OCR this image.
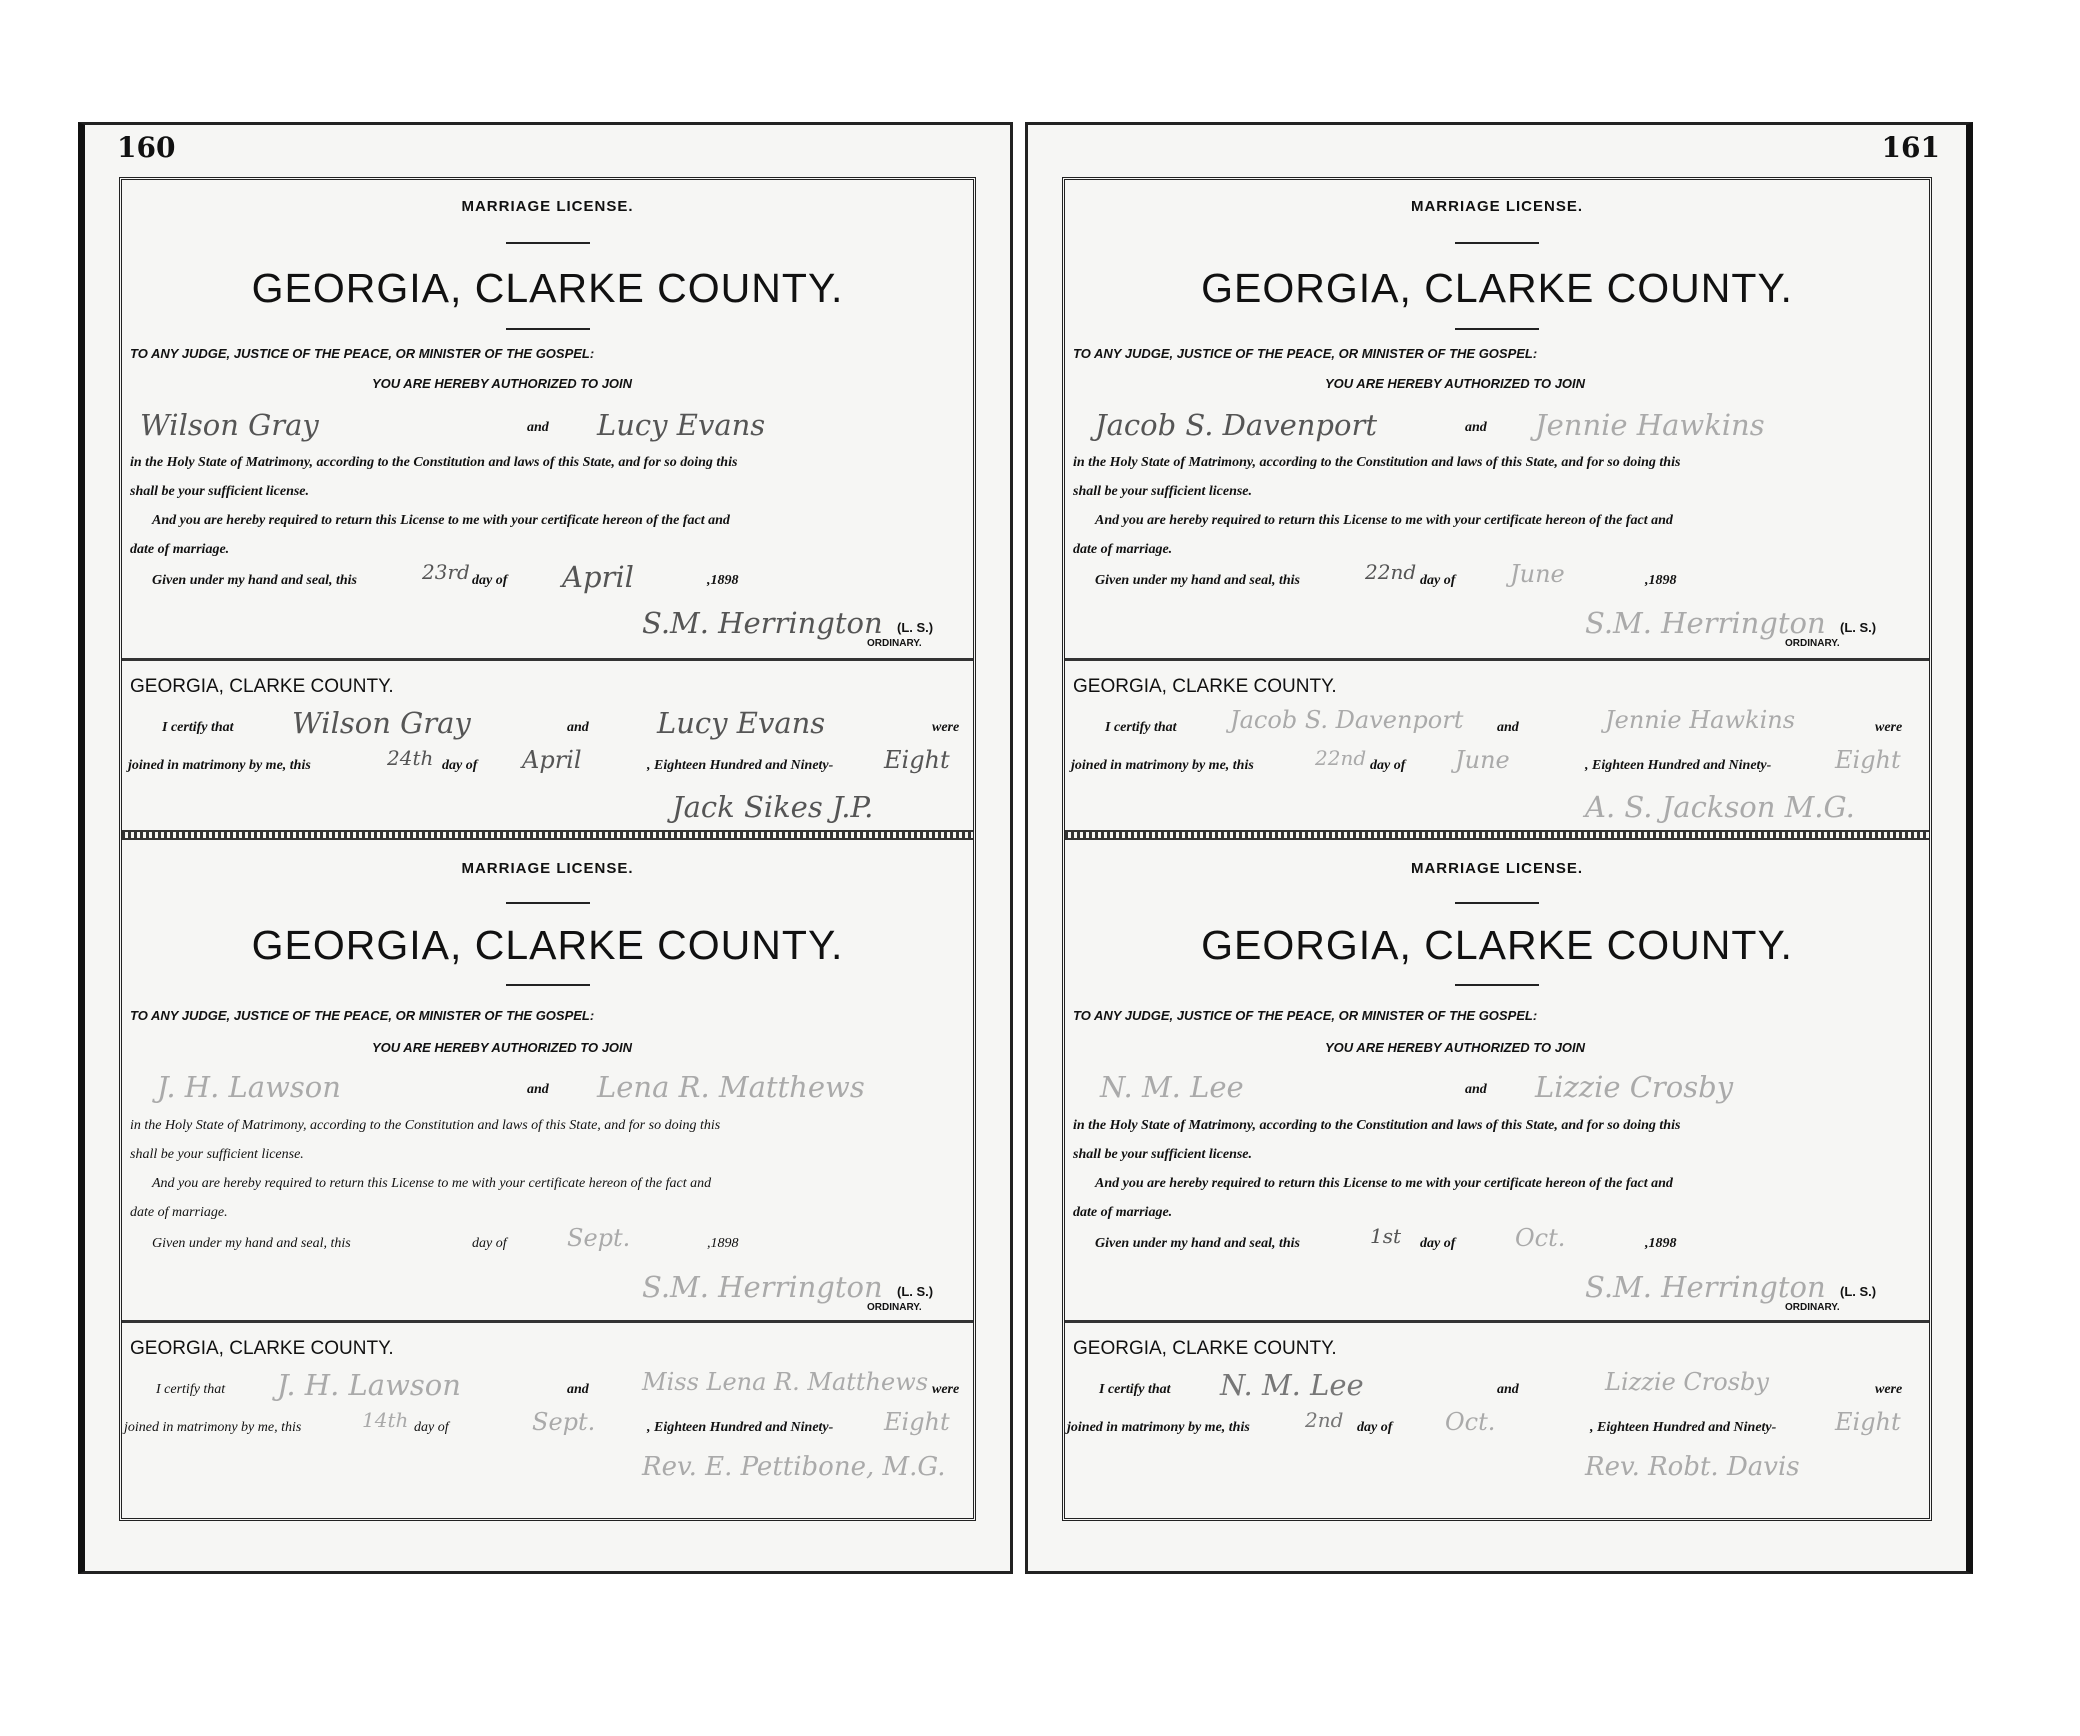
160
MARRIAGE LICENSE.
GEORGIA, CLARKE COUNTY.
TO ANY JUDGE, JUSTICE OF THE PEACE, OR MINISTER OF THE GOSPEL:
YOU ARE HEREBY AUTHORIZED TO JOIN
Wilson Gray	and Lucy Evans
in the Holy State of Matrimony, according to the Constitution and laws of this State, and for so doing this
shall be your sufficient license.
And you are hereby required to return this License to me with your certificate hereon of the fact and
date of marriage.
Given under my hand and seal, this	23rd day of April	,1898
S.M. Herrington (L. S.)
ORDINARY.
GEORGIA, CLARKE COUNTY.
I certify that Wilson Gray	and Lucy Evans	were
joined in matrimony by me, this	24th day of April	, Eighteen Hundred and Ninety- Eight
Jack Sikes J.P.
MARRIAGE LICENSE.
GEORGIA, CLARKE COUNTY.
TO ANY JUDGE, JUSTICE OF THE PEACE, OR MINISTER OF THE GOSPEL:
YOU ARE HEREBY AUTHORIZED TO JOIN
J. H. Lawson	and Lena R. Matthews
in the Holy State of Matrimony, according to the Constitution and laws of this State, and for so doing this
shall be your sufficient license.
And you are hereby required to return this License to me with your certificate hereon of the fact and
date of marriage.
Given under my hand and seal, this	day of	Sept.	,1898
S.M. Herrington (L. S.)
ORDINARY.
GEORGIA, CLARKE COUNTY.
I certify that J. H. Lawson	and Miss Lena R. Matthews were
joined in matrimony by me, this	14th day of	Sept.	, Eighteen Hundred and Ninety- Eight
Rev. E. Pettibone, M.G.
161
MARRIAGE LICENSE.
GEORGIA, CLARKE COUNTY.
TO ANY JUDGE, JUSTICE OF THE PEACE, OR MINISTER OF THE GOSPEL:
YOU ARE HEREBY AUTHORIZED TO JOIN
Jacob S. Davenport	and Jennie Hawkins
in the Holy State of Matrimony, according to the Constitution and laws of this State, and for so doing this
shall be your sufficient license.
And you are hereby required to return this License to me with your certificate hereon of the fact and
date of marriage.
Given under my hand and seal, this	22nd day of June	,1898
S.M. Herrington (L. S.)
ORDINARY.
GEORGIA, CLARKE COUNTY.
I certify that Jacob S. Davenport and	Jennie Hawkins	were
joined in matrimony by me, this	22nd day of June	, Eighteen Hundred and Ninety-	Eight
A. S. Jackson M.G.
MARRIAGE LICENSE.
GEORGIA, CLARKE COUNTY.
TO ANY JUDGE, JUSTICE OF THE PEACE, OR MINISTER OF THE GOSPEL:
YOU ARE HEREBY AUTHORIZED TO JOIN
N. M. Lee	and Lizzie Crosby
in the Holy State of Matrimony, according to the Constitution and laws of this State, and for so doing this
shall be your sufficient license.
And you are hereby required to return this License to me with your certificate hereon of the fact and
date of marriage.
Given under my hand and seal, this	1st day of Oct.	,1898
S.M. Herrington (L. S.)
ORDINARY.
GEORGIA, CLARKE COUNTY.
I certify that N. M. Lee	and	Lizzie Crosby	were
joined in matrimony by me, this	2nd day of Oct.	, Eighteen Hundred and Ninety- Eight
Rev. Robt. Davis
